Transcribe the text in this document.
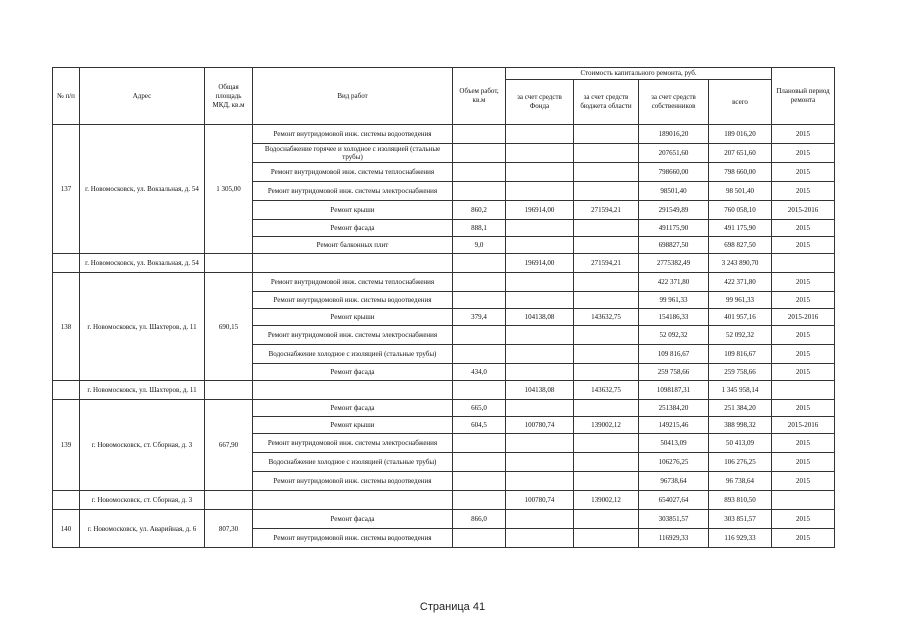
№ п/п	Адрес	Общая площадь МКД, кв.м	Вид работ	Объем работ, кв.м	Стоимость капитального ремонта, руб.				Плановый период ремонта
					за счет средств Фонда	за счет средств бюджета области	за счет средств собственников	всего	
137	г. Новомосковск, ул. Вокзальная, д. 54	1 305,00	Ремонт внутридомовой инж. системы водоотведения				189016,20	189 016,20	2015
			Водоснабжение горячее и холодное с изоляцией (стальные трубы)				207651,60	207 651,60	2015
			Ремонт внутридомовой инж. системы теплоснабжения				798660,00	798 660,00	2015
			Ремонт внутридомовой инж. системы электроснабжения				98501,40	98 501,40	2015
			Ремонт крыши	860,2	196914,00	271594,21	291549,89	760 058,10	2015-2016
			Ремонт фасада	888,1			491175,90	491 175,90	2015
			Ремонт балконных плит	9,0			698827,50	698 827,50	2015
	г. Новомосковск, ул. Вокзальная, д. 54				196914,00	271594,21	2775382,49	3 243 890,70	
138	г. Новомосковск, ул. Шахтеров, д. 11	690,15	Ремонт внутридомовой инж. системы теплоснабжения				422 371,80	422 371,80	2015
			Ремонт внутридомовой инж. системы водоотведения				99 961,33	99 961,33	2015
			Ремонт крыши	379,4	104138,08	143632,75	154186,33	401 957,16	2015-2016
			Ремонт внутридомовой инж. системы электроснабжения				52 092,32	52 092,32	2015
			Водоснабжение холодное с изоляцией (стальные трубы)				109 816,67	109 816,67	2015
			Ремонт фасада	434,0			259 758,66	259 758,66	2015
	г. Новомосковск, ул. Шахтеров, д. 11				104138,08	143632,75	1098187,31	1 345 958,14	
139	г. Новомосковск, ст. Сборная, д. 3	667,90	Ремонт фасада	665,0			251384,20	251 384,20	2015
			Ремонт крыши	604,5	100780,74	139002,12	149215,46	388 998,32	2015-2016
			Ремонт внутридомовой инж. системы электроснабжения				50413,09	50 413,09	2015
			Водоснабжение холодное с изоляцией (стальные трубы)				106276,25	106 276,25	2015
			Ремонт внутридомовой инж. системы водоотведения				96738,64	96 738,64	2015
	г. Новомосковск, ст. Сборная, д. 3				100780,74	139002,12	654027,64	893 810,50	
140	г. Новомосковск, ул. Аварийная, д. 6	807,30	Ремонт фасада	866,0			303851,57	303 851,57	2015
			Ремонт внутридомовой инж. системы водоотведения				116929,33	116 929,33	2015
Страница 41
